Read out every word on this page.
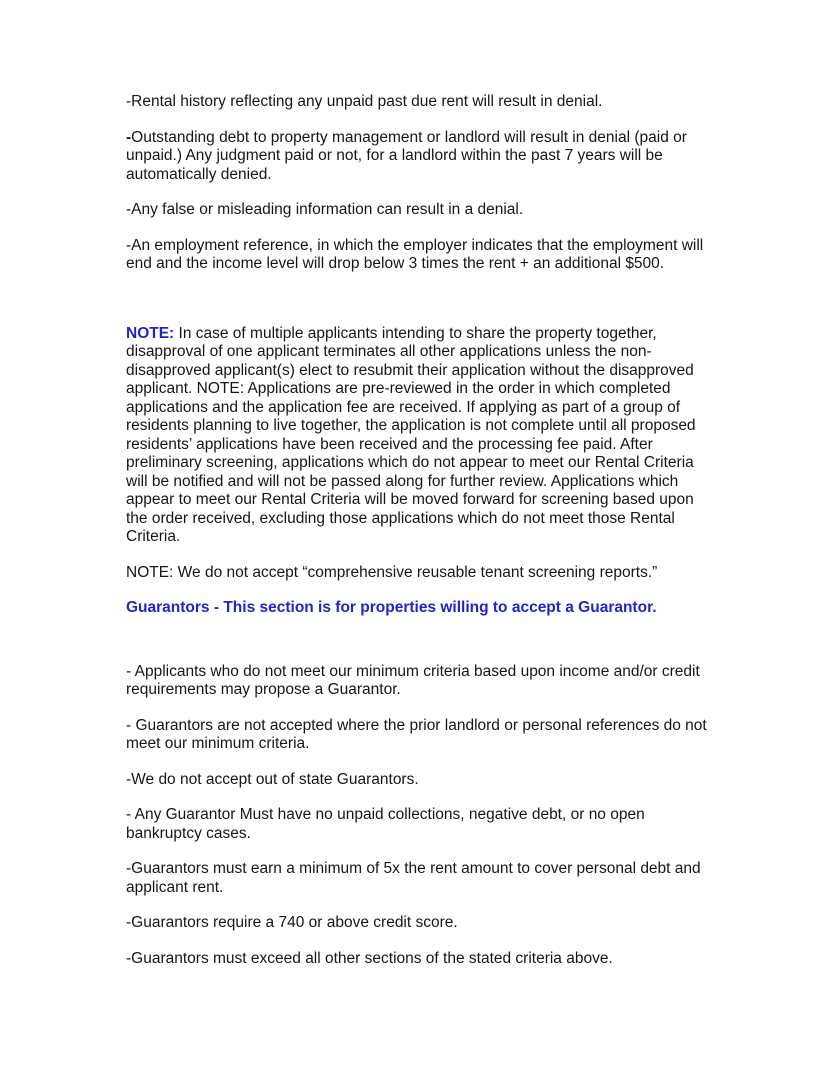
-Rental history reflecting any unpaid past due rent will result in denial.

-Outstanding debt to property management or landlord will result in denial (paid or unpaid.) Any judgment paid or not, for a landlord within the past 7 years will be automatically denied.

-Any false or misleading information can result in a denial.

-An employment reference, in which the employer indicates that the employment will end and the income level will drop below 3 times the rent + an additional $500.

NOTE: In case of multiple applicants intending to share the property together, disapproval of one applicant terminates all other applications unless the non-disapproved applicant(s) elect to resubmit their application without the disapproved applicant. NOTE: Applications are pre-reviewed in the order in which completed applications and the application fee are received. If applying as part of a group of residents planning to live together, the application is not complete until all proposed residents’ applications have been received and the processing fee paid. After preliminary screening, applications which do not appear to meet our Rental Criteria will be notified and will not be passed along for further review. Applications which appear to meet our Rental Criteria will be moved forward for screening based upon the order received, excluding those applications which do not meet those Rental Criteria.

NOTE: We do not accept “comprehensive reusable tenant screening reports.”

Guarantors - This section is for properties willing to accept a Guarantor.

- Applicants who do not meet our minimum criteria based upon income and/or credit requirements may propose a Guarantor.

- Guarantors are not accepted where the prior landlord or personal references do not meet our minimum criteria.

-We do not accept out of state Guarantors.

- Any Guarantor Must have no unpaid collections, negative debt, or no open bankruptcy cases.

-Guarantors must earn a minimum of 5x the rent amount to cover personal debt and applicant rent.

-Guarantors require a 740 or above credit score.

-Guarantors must exceed all other sections of the stated criteria above.
